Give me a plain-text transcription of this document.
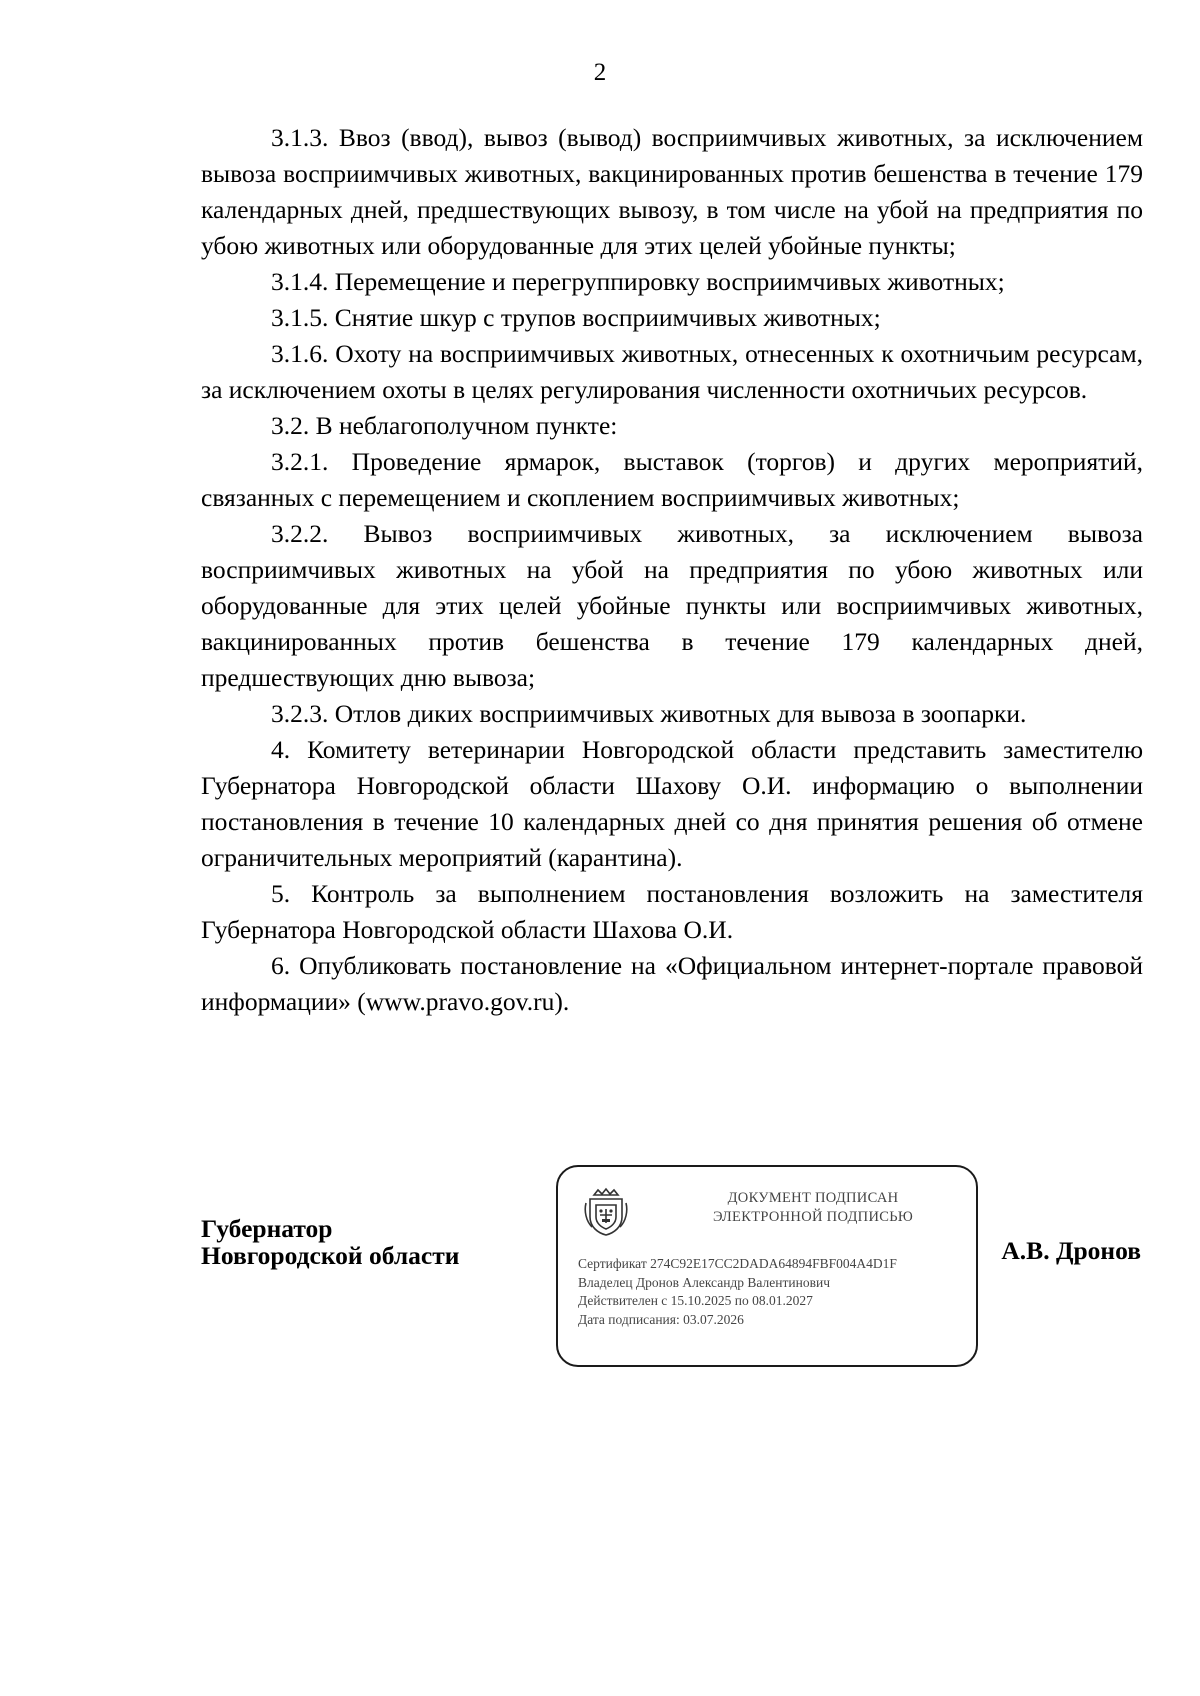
2

3.1.3. Ввоз (ввод), вывоз (вывод) восприимчивых животных, за исключением вывоза восприимчивых животных, вакцинированных против бешенства в течение 179 календарных дней, предшествующих вывозу, в том числе на убой на предприятия по убою животных или оборудованные для этих целей убойные пункты;

3.1.4. Перемещение и перегруппировку восприимчивых животных;

3.1.5. Снятие шкур с трупов восприимчивых животных;

3.1.6. Охоту на восприимчивых животных, отнесенных к охотничьим ресурсам, за исключением охоты в целях регулирования численности охотничьих ресурсов.

3.2. В неблагополучном пункте:

3.2.1. Проведение ярмарок, выставок (торгов) и других мероприятий, связанных с перемещением и скоплением восприимчивых животных;

3.2.2. Вывоз восприимчивых животных, за исключением вывоза восприимчивых животных на убой на предприятия по убою животных или оборудованные для этих целей убойные пункты или восприимчивых животных, вакцинированных против бешенства в течение 179 календарных дней, предшествующих дню вывоза;

3.2.3. Отлов диких восприимчивых животных для вывоза в зоопарки.

4. Комитету ветеринарии Новгородской области представить заместителю Губернатора Новгородской области Шахову О.И. информацию о выполнении постановления в течение 10 календарных дней со дня принятия решения об отмене ограничительных мероприятий (карантина).

5. Контроль за выполнением постановления возложить на заместителя Губернатора Новгородской области Шахова О.И.

6. Опубликовать постановление на «Официальном интернет-портале правовой информации» (www.pravo.gov.ru).

Губернатор
Новгородской области
ДОКУМЕНТ ПОДПИСАН
ЭЛЕКТРОННОЙ ПОДПИСЬЮ
Сертификат 274C92E17CC2DADA64894FBF004A4D1F
Владелец Дронов Александр Валентинович
Действителен с 15.10.2025 по 08.01.2027
Дата подписания: 03.07.2026
А.В. Дронов
